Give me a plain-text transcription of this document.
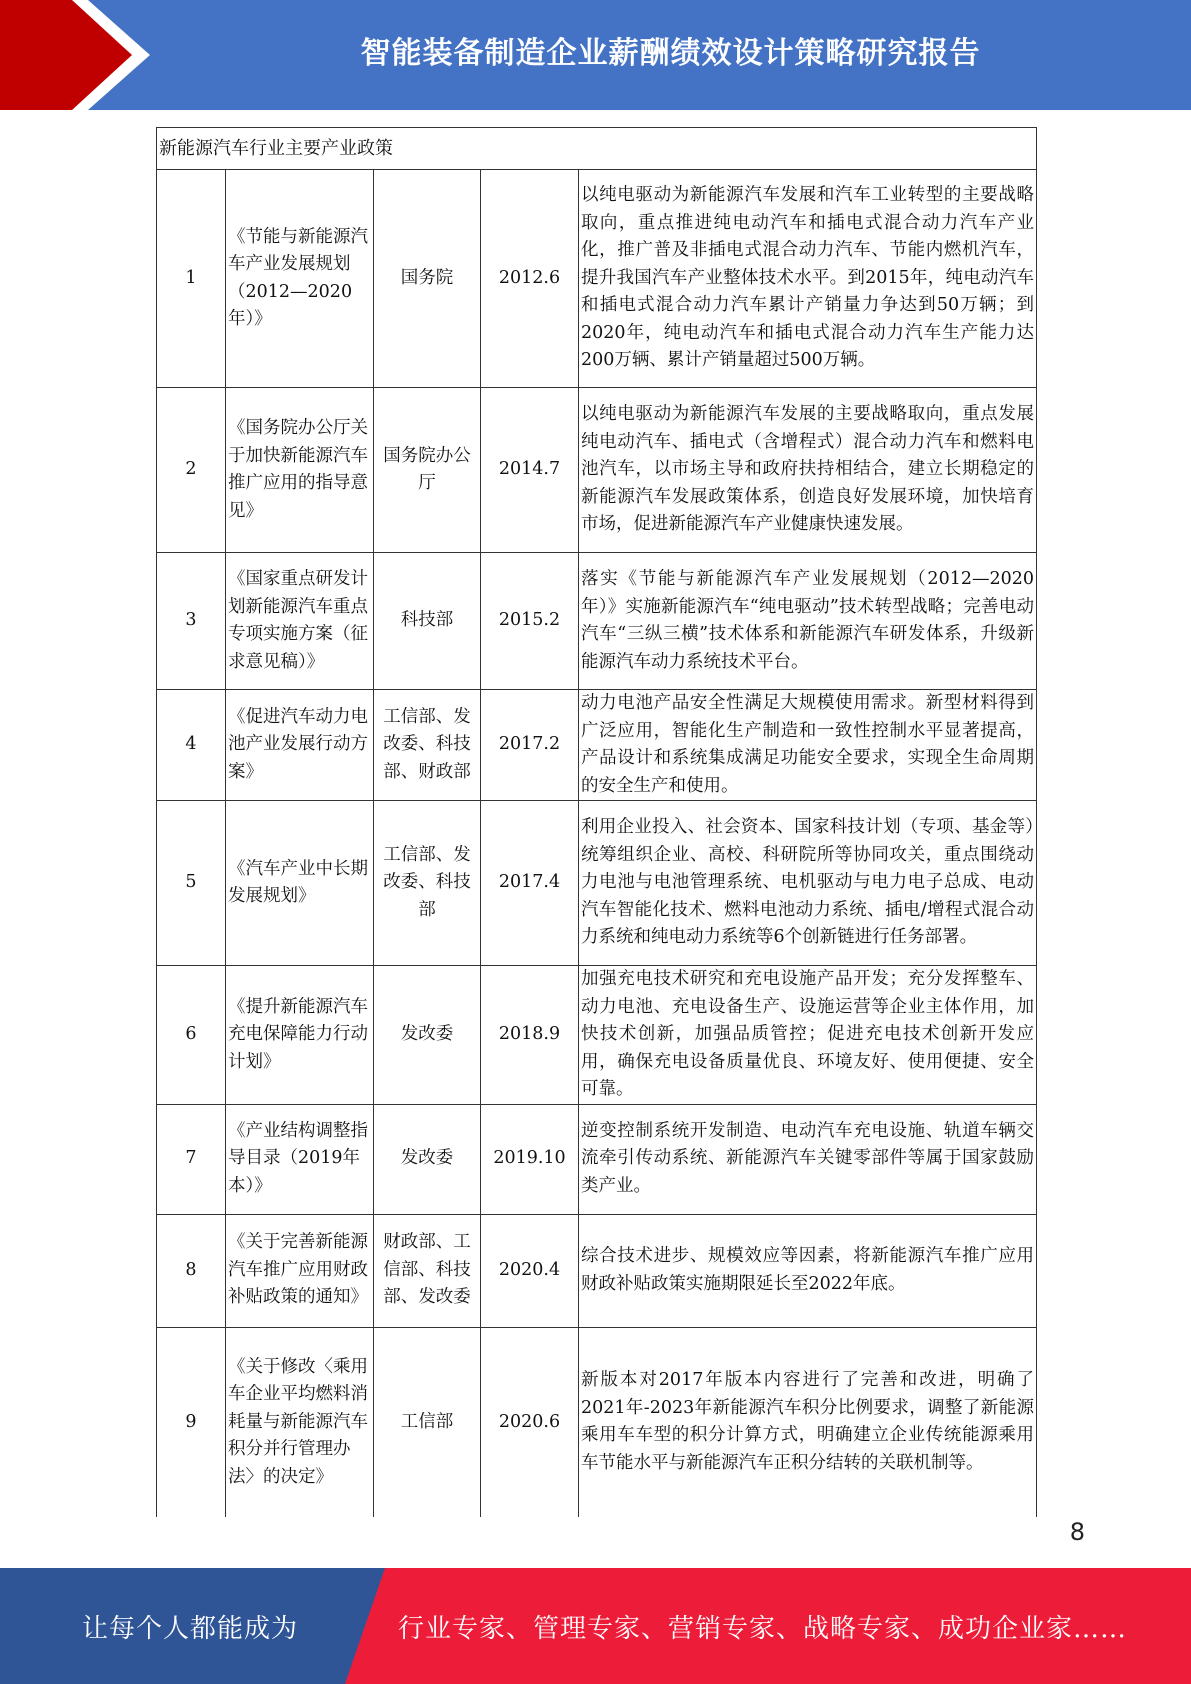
智能装备制造企业薪酬绩效设计策略研究报告
新能源汽车行业主要产业政策				
1	《节能与新能源汽车产业发展规划（2012—2020年）》	国务院	2012.6	以纯电驱动为新能源汽车发展和汽车工业转型的主要战略取向，重点推进纯电动汽车和插电式混合动力汽车产业化，推广普及非插电式混合动力汽车、节能内燃机汽车，提升我国汽车产业整体技术水平。到2015年，纯电动汽车和插电式混合动力汽车累计产销量力争达到50万辆；到2020年，纯电动汽车和插电式混合动力汽车生产能力达200万辆、累计产销量超过500万辆。
2	《国务院办公厅关于加快新能源汽车推广应用的指导意见》	国务院办公厅	2014.7	以纯电驱动为新能源汽车发展的主要战略取向，重点发展纯电动汽车、插电式（含增程式）混合动力汽车和燃料电池汽车，以市场主导和政府扶持相结合，建立长期稳定的新能源汽车发展政策体系，创造良好发展环境，加快培育市场，促进新能源汽车产业健康快速发展。
3	《国家重点研发计划新能源汽车重点专项实施方案（征求意见稿）》	科技部	2015.2	落实《节能与新能源汽车产业发展规划（2012—2020年）》实施新能源汽车“纯电驱动”技术转型战略；完善电动汽车“三纵三横”技术体系和新能源汽车研发体系，升级新能源汽车动力系统技术平台。
4	《促进汽车动力电池产业发展行动方案》	工信部、发改委、科技部、财政部	2017.2	动力电池产品安全性满足大规模使用需求。新型材料得到广泛应用，智能化生产制造和一致性控制水平显著提高，产品设计和系统集成满足功能安全要求，实现全生命周期的安全生产和使用。
5	《汽车产业中长期发展规划》	工信部、发改委、科技部	2017.4	利用企业投入、社会资本、国家科技计划（专项、基金等）统筹组织企业、高校、科研院所等协同攻关，重点围绕动力电池与电池管理系统、电机驱动与电力电子总成、电动汽车智能化技术、燃料电池动力系统、插电/增程式混合动力系统和纯电动力系统等6个创新链进行任务部署。
6	《提升新能源汽车充电保障能力行动计划》	发改委	2018.9	加强充电技术研究和充电设施产品开发；充分发挥整车、动力电池、充电设备生产、设施运营等企业主体作用，加快技术创新，加强品质管控；促进充电技术创新开发应用，确保充电设备质量优良、环境友好、使用便捷、安全可靠。
7	《产业结构调整指导目录（2019年本）》	发改委	2019.10	逆变控制系统开发制造、电动汽车充电设施、轨道车辆交流牵引传动系统、新能源汽车关键零部件等属于国家鼓励类产业。
8	《关于完善新能源汽车推广应用财政补贴政策的通知》	财政部、工信部、科技部、发改委	2020.4	综合技术进步、规模效应等因素，将新能源汽车推广应用财政补贴政策实施期限延长至2022年底。
9	《关于修改〈乘用车企业平均燃料消耗量与新能源汽车积分并行管理办法〉的决定》	工信部	2020.6	新版本对2017年版本内容进行了完善和改进，明确了2021年-2023年新能源汽车积分比例要求，调整了新能源乘用车车型的积分计算方式，明确建立企业传统能源乘用车节能水平与新能源汽车正积分结转的关联机制等。
8
让每个人都能成为	行业专家、管理专家、营销专家、战略专家、成功企业家……
